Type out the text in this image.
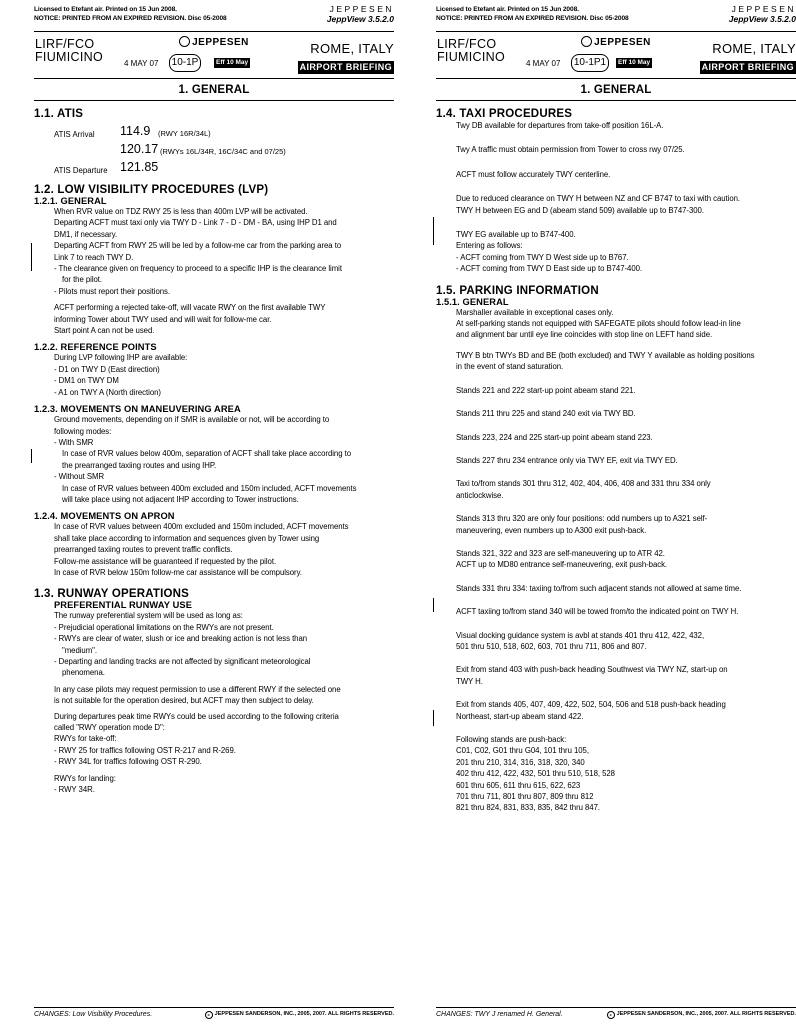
Licensed to Etefant air. Printed on 15 Jun 2008.
NOTICE: PRINTED FROM AN EXPIRED REVISION. Disc 05-2008
JEPPESEN
JeppView 3.5.2.0
LIRF/FCO
FIUMICINO
JEPPESEN
4 MAY 07 10-1P	Eff 10 May
ROME, ITALY
AIRPORT BRIEFING
1. GENERAL
1.1. ATIS
ATIS Arrival 114.9 (RWY 16R/34L)
120.17 (RWYs 16L/34R, 16C/34C and 07/25)
ATIS Departure 121.85
1.2. LOW VISIBILITY PROCEDURES (LVP)
1.2.1. GENERAL
When RVR value on TDZ RWY 25 is less than 400m LVP will be activated.
Departing ACFT must taxi only via TWY D - Link 7 - D - DM - BA, using IHP D1 and
DM1, if necessary.
Departing ACFT from RWY 25 will be led by a follow-me car from the parking area to
Link 7 to reach TWY D.
- The clearance given on frequency to proceed to a specific IHP is the clearance limit
for the pilot.
- Pilots must report their positions.
ACFT performing a rejected take-off, will vacate RWY on the first available TWY
informing Tower about TWY used and will wait for follow-me car.
Start point A can not be used.
1.2.2. REFERENCE POINTS
During LVP following IHP are available:
- D1 on TWY D (East direction)
- DM1 on TWY DM
- A1 on TWY A (North direction)
1.2.3. MOVEMENTS ON MANEUVERING AREA
Ground movements, depending on if SMR is available or not, will be according to
following modes:
- With SMR
In case of RVR values below 400m, separation of ACFT shall take place according to
the prearranged taxiing routes and using IHP.
- Without SMR
In case of RVR values between 400m excluded and 150m included, ACFT movements
will take place using not adjacent IHP according to Tower instructions.
1.2.4. MOVEMENTS ON APRON
In case of RVR values between 400m excluded and 150m included, ACFT movements
shall take place according to information and sequences given by Tower using
prearranged taxiing routes to prevent traffic conflicts.
Follow-me assistance will be guaranteed if requested by the pilot.
In case of RVR below 150m follow-me car assistance will be compulsory.
1.3. RUNWAY OPERATIONS
PREFERENTIAL RUNWAY USE
The runway preferential system will be used as long as:
- Prejudicial operational limitations on the RWYs are not present.
- RWYs are clear of water, slush or ice and breaking action is not less than
"medium".
- Departing and landing tracks are not affected by significant meteorological
phenomena.
In any case pilots may request permission to use a different RWY if the selected one
is not suitable for the operation desired, but ACFT may then subject to delay.
During departures peak time RWYs could be used according to the following criteria
called "RWY operation mode D":
RWYs for take-off:
- RWY 25 for traffics following OST R-217 and R-269.
- RWY 34L for traffics following OST R-290.
RWYs for landing:
- RWY 34R.
CHANGES: Low Visibility Procedures.	c JEPPESEN SANDERSON, INC., 2005, 2007. ALL RIGHTS RESERVED.
Licensed to Etefant air. Printed on 15 Jun 2008.
NOTICE: PRINTED FROM AN EXPIRED REVISION. Disc 05-2008
JEPPESEN
JeppView 3.5.2.0
LIRF/FCO
FIUMICINO
JEPPESEN
4 MAY 07 10-1P1	Eff 10 May
ROME, ITALY
AIRPORT BRIEFING
1. GENERAL
1.4. TAXI PROCEDURES
Twy DB available for departures from take-off position 16L-A.
Twy A traffic must obtain permission from Tower to cross rwy 07/25.
ACFT must follow accurately TWY centerline.
Due to reduced clearance on TWY H between NZ and CF B747 to taxi with caution.
TWY H between EG and D (abeam stand 509) available up to B747-300.
TWY EG available up to B747-400.
Entering as follows:
- ACFT coming from TWY D West side up to B767.
- ACFT coming from TWY D East side up to B747-400.
1.5. PARKING INFORMATION
1.5.1. GENERAL
Marshaller available in exceptional cases only.
At self-parking stands not equipped with SAFEGATE pilots should follow lead-in line
and alignment bar until eye line coincides with stop line on LEFT hand side.
TWY B btn TWYs BD and BE (both excluded) and TWY Y available as holding positions
in the event of stand saturation.
Stands 221 and 222 start-up point abeam stand 221.
Stands 211 thru 225 and stand 240 exit via TWY BD.
Stands 223, 224 and 225 start-up point abeam stand 223.
Stands 227 thru 234 entrance only via TWY EF, exit via TWY ED.
Taxi to/from stands 301 thru 312, 402, 404, 406, 408 and 331 thru 334 only
anticlockwise.
Stands 313 thru 320 are only four positions: odd numbers up to A321 self-
maneuvering, even numbers up to A300 exit push-back.
Stands 321, 322 and 323 are self-maneuvering up to ATR 42.
ACFT up to MD80 entrance self-maneuvering, exit push-back.
Stands 331 thru 334: taxiing to/from such adjacent stands not allowed at same time.
ACFT taxiing to/from stand 340 will be towed from/to the indicated point on TWY H.
Visual docking guidance system is avbl at stands 401 thru 412, 422, 432,
501 thru 510, 518, 602, 603, 701 thru 711, 806 and 807.
Exit from stand 403 with push-back heading Southwest via TWY NZ, start-up on
TWY H.
Exit from stands 405, 407, 409, 422, 502, 504, 506 and 518 push-back heading
Northeast, start-up abeam stand 422.
Following stands are push-back:
C01, C02, G01 thru G04, 101 thru 105,
201 thru 210, 314, 316, 318, 320, 340
402 thru 412, 422, 432, 501 thru 510, 518, 528
601 thru 605, 611 thru 615, 622, 623
701 thru 711, 801 thru 807, 809 thru 812
821 thru 824, 831, 833, 835, 842 thru 847.
CHANGES: TWY J renamed H. General.	c JEPPESEN SANDERSON, INC., 2005, 2007. ALL RIGHTS RESERVED.
